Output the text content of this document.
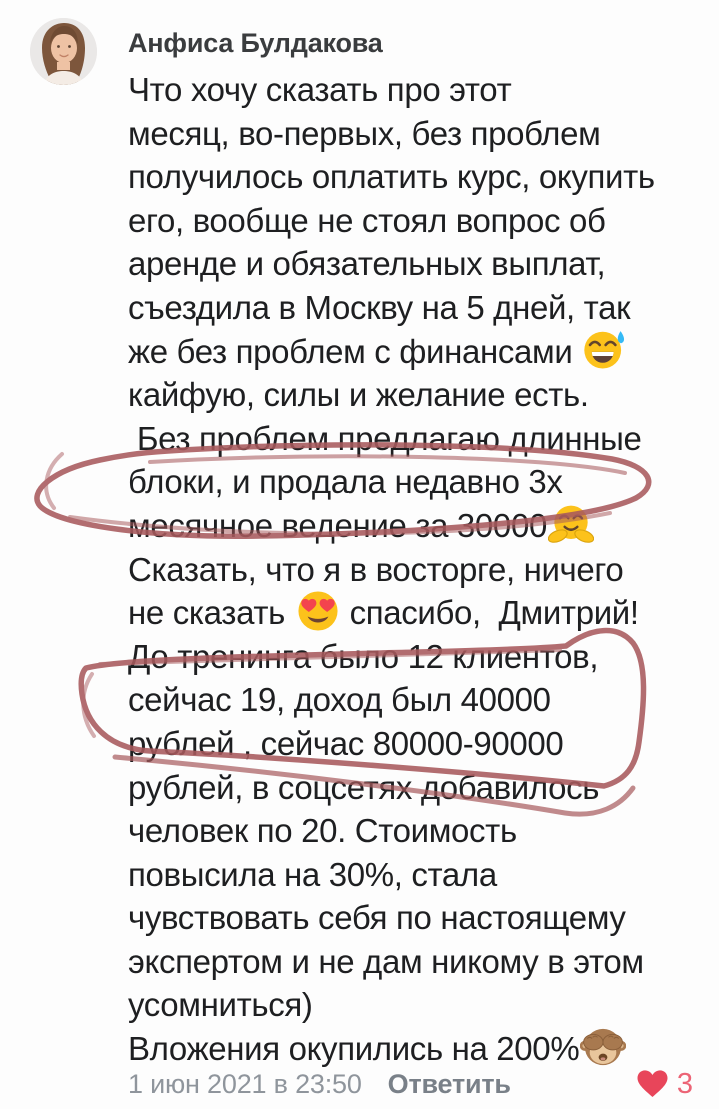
Анфиса Булдакова
Что хочу сказать про этот
месяц, во-первых, без проблем
получилось оплатить курс, окупить
его, вообще не стоял вопрос об
аренде и обязательных выплат,
съездила в Москву на 5 дней, так
же без проблем с финансами
кайфую, силы и желание есть.
Без проблем предлагаю длинные
блоки, и продала недавно 3х
месячное ведение за 30000
Сказать, что я в восторге, ничего
не сказать  спасибо,  Дмитрий!
До тренинга было 12 клиентов,
сейчас 19, доход был 40000
рублей , сейчас 80000-90000
рублей, в соцсетях добавилось
человек по 20. Стоимость
повысила на 30%, стала
чувствовать себя по настоящему
экспертом и не дам никому в этом
усомниться)
Вложения окупились на 200%
1 июн 2021 в 23:50 Ответить	3
